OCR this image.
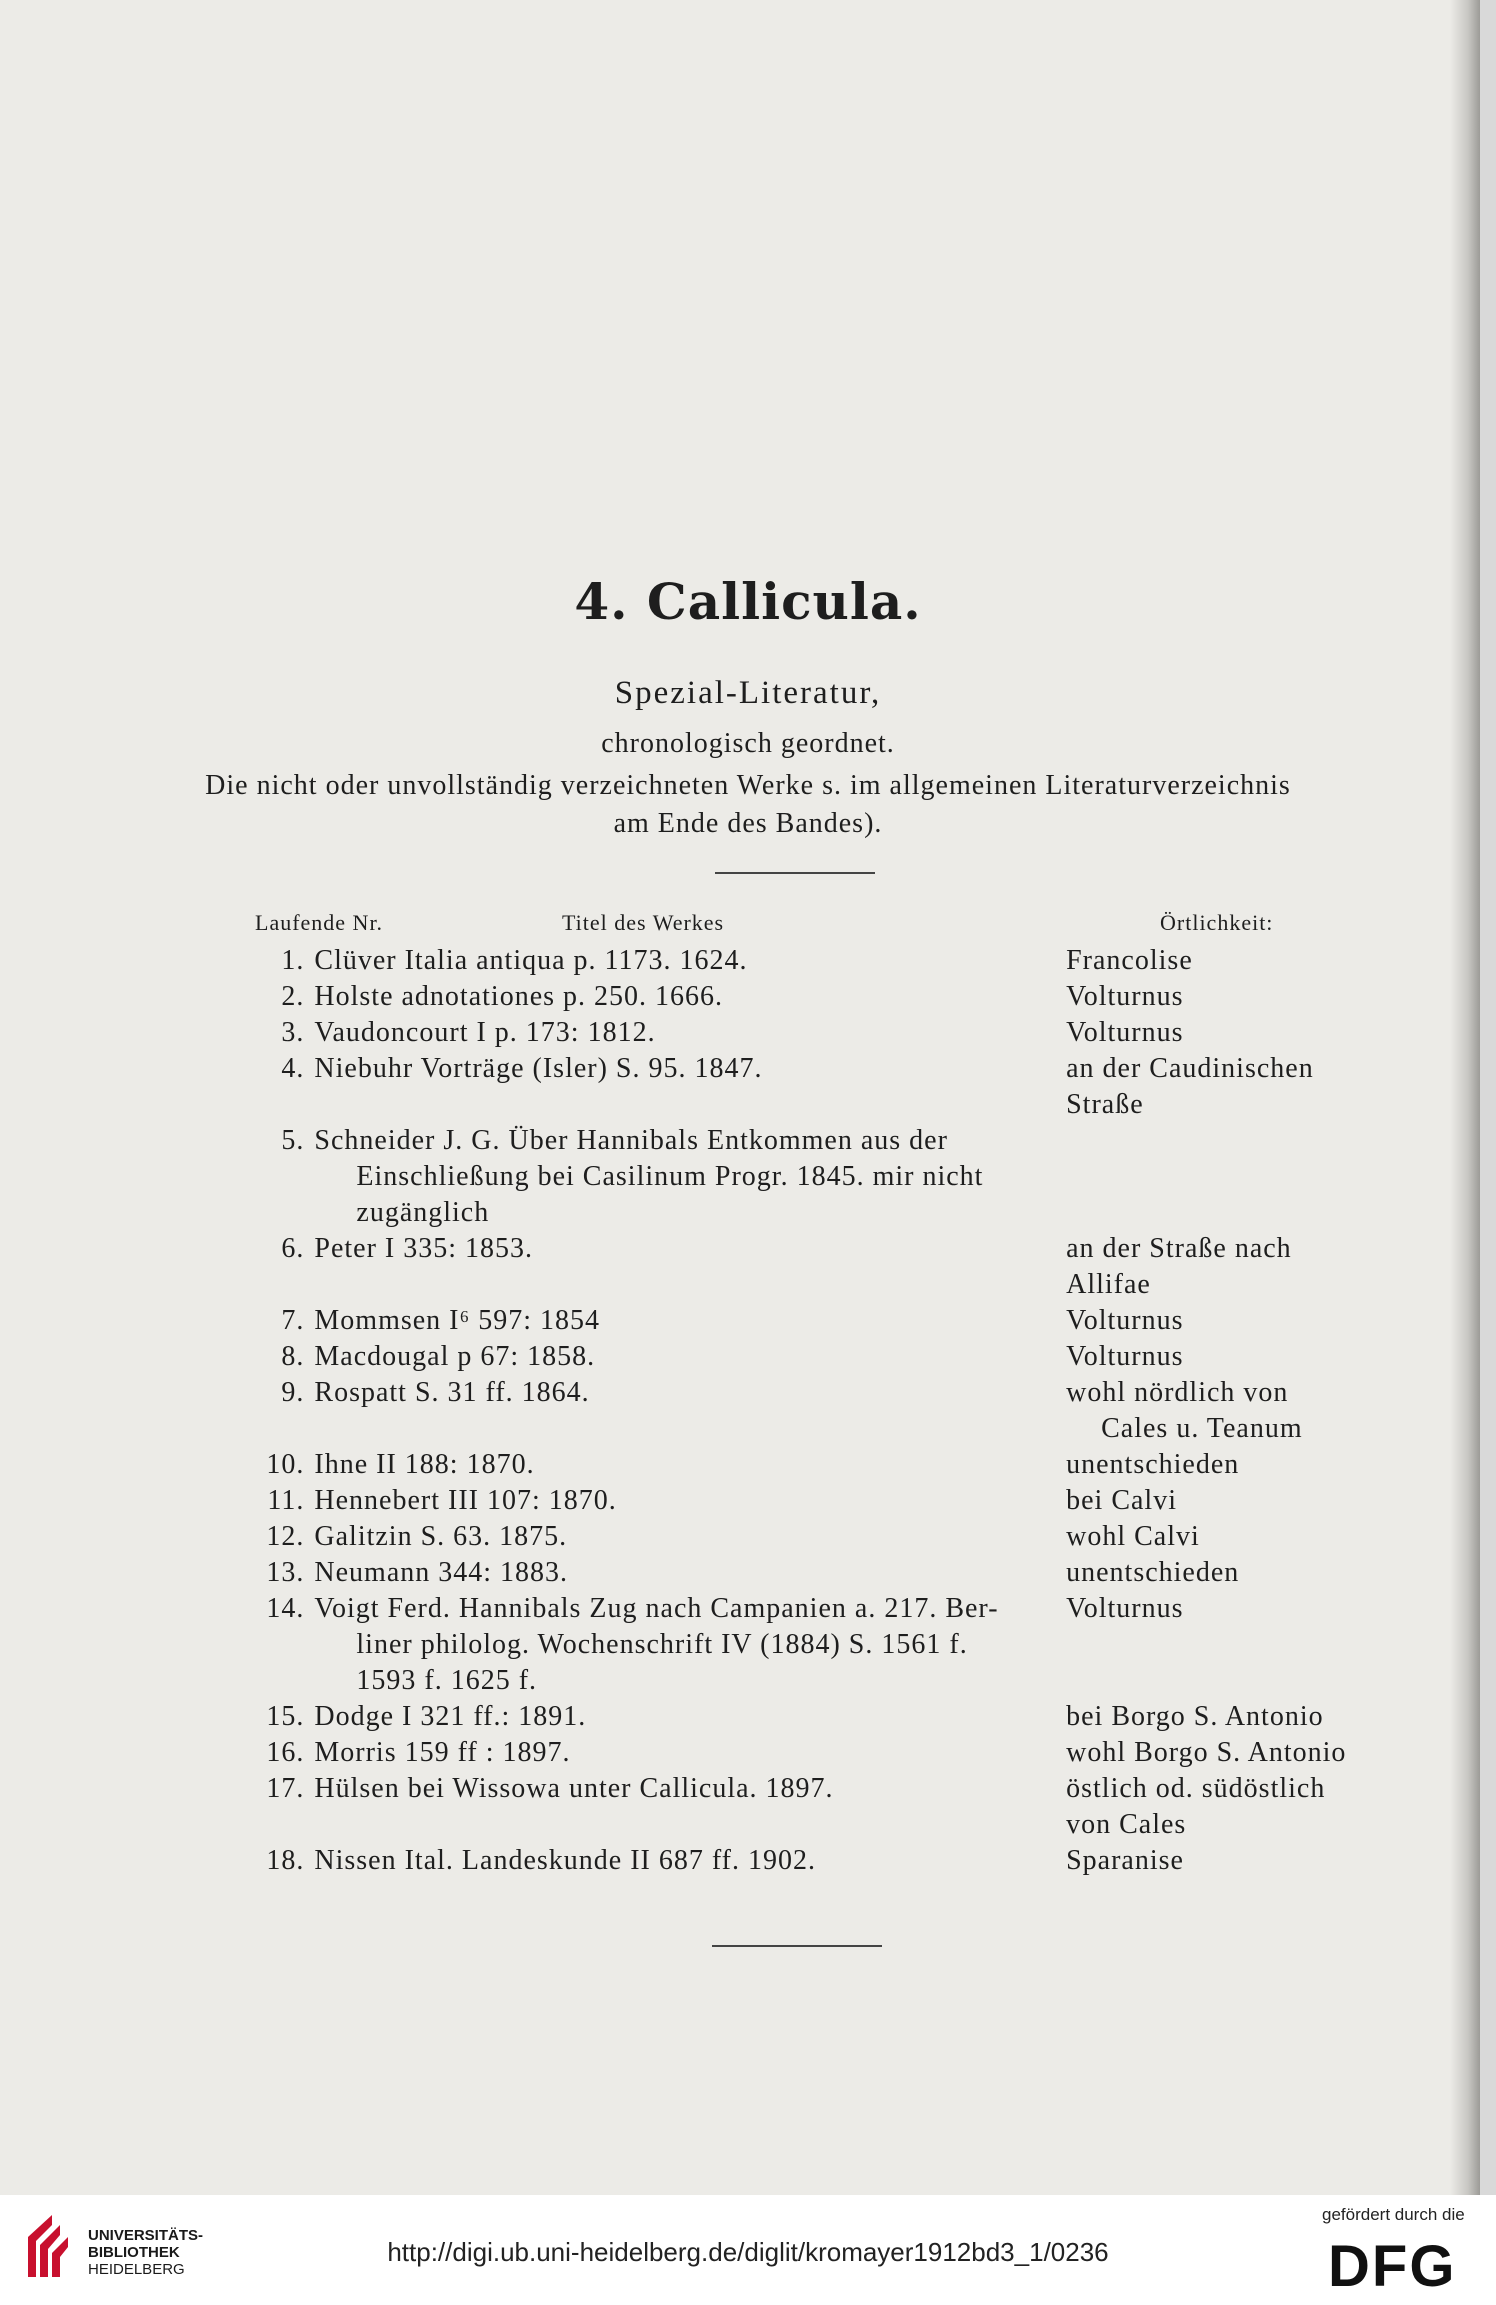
4. Callicula.
Spezial-Literatur,
chronologisch geordnet.
Die nicht oder unvollständig verzeichneten Werke s. im allgemeinen Literaturverzeichnis
am Ende des Bandes).
Laufende Nr.	Titel des Werkes	Örtlichkeit:
1.	Clüver Italia antiqua p. 1173. 1624.	Francolise
2.	Holste adnotationes p. 250. 1666.	Volturnus
3.	Vaudoncourt I p. 173: 1812.	Volturnus
4.	Niebuhr Vorträge (Isler) S. 95. 1847.	an der Caudinischen
		Straße
5.	Schneider J. G. Über Hannibals Entkommen aus der	

	Einschließung bei Casilinum Progr. 1845. mir nicht	

	zugänglich	

6.	Peter I 335: 1853.	an der Straße nach
		Allifae
7.	Mommsen I⁶ 597: 1854	Volturnus
8.	Macdougal p 67: 1858.	Volturnus
9.	Rospatt S. 31 ff. 1864.	wohl nördlich von
		Cales u. Teanum
10.	Ihne II 188: 1870.	unentschieden
11.	Hennebert III 107: 1870.	bei Calvi
12.	Galitzin S. 63. 1875.	wohl Calvi
13.	Neumann 344: 1883.	unentschieden
14.	Voigt Ferd. Hannibals Zug nach Campanien a. 217. Ber-	Volturnus

	liner philolog. Wochenschrift IV (1884) S. 1561 f.	

	1593 f. 1625 f.	

15.	Dodge I 321 ff.: 1891.	bei Borgo S. Antonio
16.	Morris 159 ff : 1897.	wohl Borgo S. Antonio
17.	Hülsen bei Wissowa unter Callicula. 1897.	östlich od. südöstlich
		von Cales
18.	Nissen Ital. Landeskunde II 687 ff. 1902.	Sparanise
UNIVERSITÄTS-
BIBLIOTHEK
HEIDELBERG
http://digi.ub.uni-heidelberg.de/diglit/kromayer1912bd3_1/0236
gefördert durch die
DFG
